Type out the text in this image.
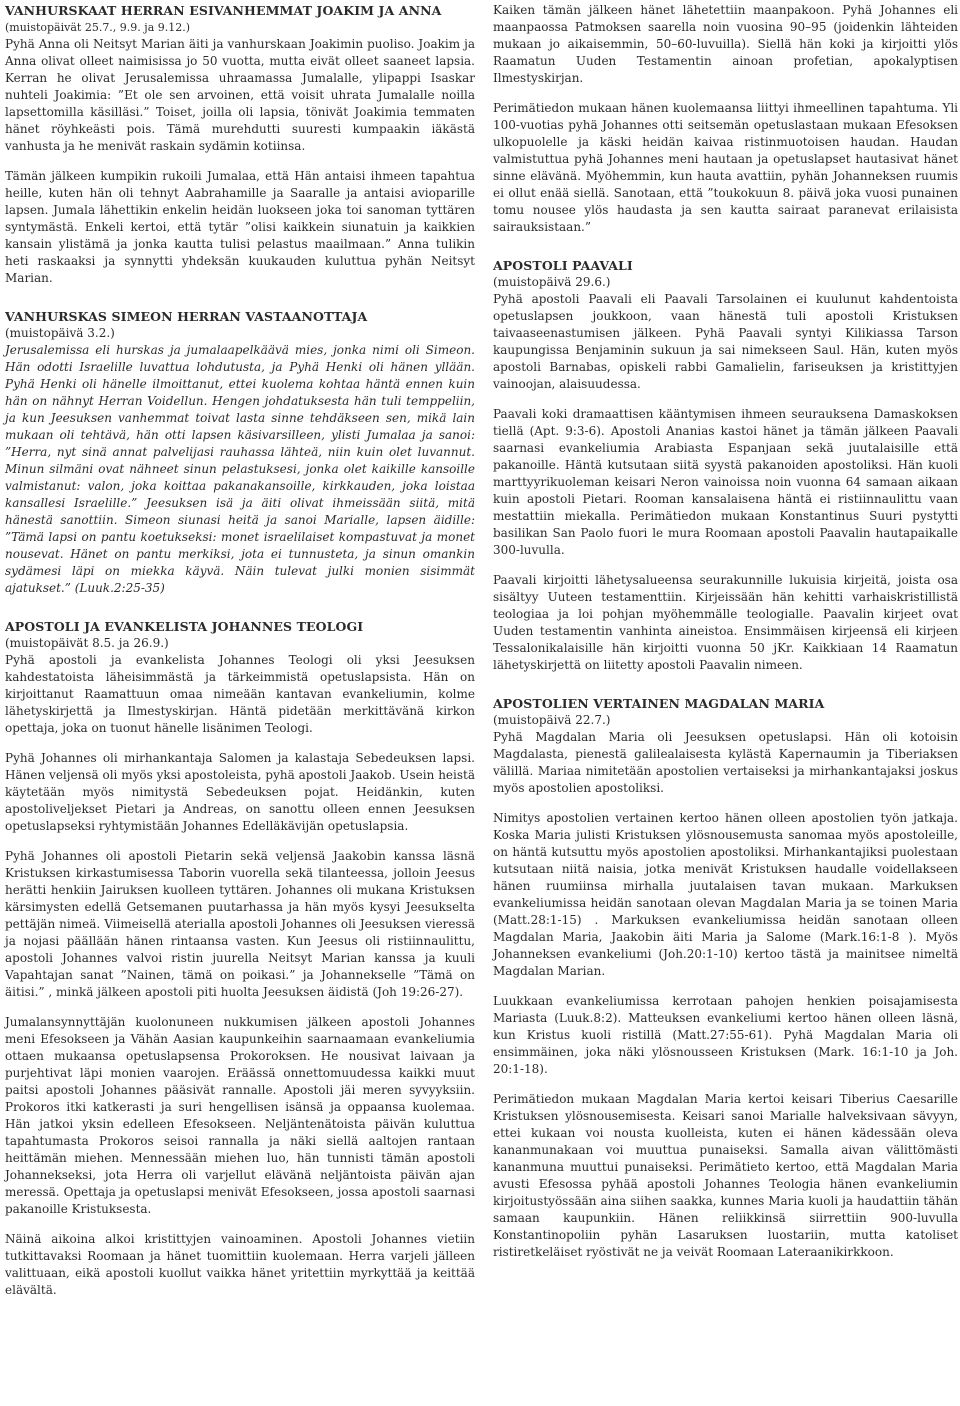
VANHURSKAAT HERRAN ESIVANHEMMAT JOAKIM JA ANNA
(muistopäivät 25.7., 9.9. ja 9.12.)

Pyhä Anna oli Neitsyt Marian äiti ja vanhurskaan Joakimin puoliso. Joakim ja Anna olivat olleet naimisissa jo 50 vuotta, mutta eivät olleet saaneet lapsia. Kerran he olivat Jerusalemissa uhraamassa Jumalalle, ylipappi Isaskar nuhteli Joakimia: ”Et ole sen arvoinen, että voisit uhrata Jumalalle noilla lapsettomilla käsilläsi.” Toiset, joilla oli lapsia, tönivät Joakimia temmaten hänet röyhkeästi pois. Tämä murehdutti suuresti kumpaakin iäkästä vanhusta ja he menivät raskain sydämin kotiinsa.

Tämän jälkeen kumpikin rukoili Jumalaa, että Hän antaisi ihmeen tapahtua heille, kuten hän oli tehnyt Aabrahamille ja Saaralle ja antaisi avioparille lapsen. Jumala lähettikin enkelin heidän luokseen joka toi sanoman tyttären syntymästä. Enkeli kertoi, että tytär ”olisi kaikkein siunatuin ja kaikkien kansain ylistämä ja jonka kautta tulisi pelastus maailmaan.” Anna tulikin heti raskaaksi ja synnytti yhdeksän kuukauden kuluttua pyhän Neitsyt Marian.

VANHURSKAS SIMEON HERRAN VASTAANOTTAJA
(muistopäivä 3.2.)

Jerusalemissa eli hurskas ja jumalaapelkäävä mies, jonka nimi oli Simeon. Hän odotti Israelille luvattua lohdutusta, ja Pyhä Henki oli hänen yllään. Pyhä Henki oli hänelle ilmoittanut, ettei kuolema kohtaa häntä ennen kuin hän on nähnyt Herran Voidellun. Hengen johdatuksesta hän tuli temppeliin, ja kun Jeesuksen vanhemmat toivat lasta sinne tehdäkseen sen, mikä lain mukaan oli tehtävä, hän otti lapsen käsivarsilleen, ylisti Jumalaa ja sanoi: ”Herra, nyt sinä annat palvelijasi rauhassa lähteä, niin kuin olet luvannut. Minun silmäni ovat nähneet sinun pelastuksesi, jonka olet kaikille kansoille valmistanut: valon, joka koittaa pakanakansoille, kirkkauden, joka loistaa kansallesi Israelille.” Jeesuksen isä ja äiti olivat ihmeissään siitä, mitä hänestä sanottiin. Simeon siunasi heitä ja sanoi Marialle, lapsen äidille: ”Tämä lapsi on pantu koetukseksi: monet israelilaiset kompastuvat ja monet nousevat. Hänet on pantu merkiksi, jota ei tunnusteta, ja sinun omankin sydämesi läpi on miekka käyvä. Näin tulevat julki monien sisimmät ajatukset.” (Luuk.2:25-35)

APOSTOLI JA EVANKELISTA JOHANNES TEOLOGI
(muistopäivät 8.5. ja 26.9.)

Pyhä apostoli ja evankelista Johannes Teologi oli yksi Jeesuksen kahdestatoista läheisimmästä ja tärkeimmistä opetuslapsista. Hän on kirjoittanut Raamattuun omaa nimeään kantavan evankeliumin, kolme lähetyskirjettä ja Ilmestyskirjan. Häntä pidetään merkittävänä kirkon opettaja, joka on tuonut hänelle lisänimen Teologi.

Pyhä Johannes oli mirhankantaja Salomen ja kalastaja Sebedeuksen lapsi. Hänen veljensä oli myös yksi apostoleista, pyhä apostoli Jaakob. Usein heistä käytetään myös nimitystä Sebedeuksen pojat. Heidänkin, kuten apostoliveljekset Pietari ja Andreas, on sanottu olleen ennen Jeesuksen opetuslapseksi ryhtymistään Johannes Edelläkävijän opetuslapsia.

Pyhä Johannes oli apostoli Pietarin sekä veljensä Jaakobin kanssa läsnä Kristuksen kirkastumisessa Taborin vuorella sekä tilanteessa, jolloin Jeesus herätti henkiin Jairuksen kuolleen tyttären. Johannes oli mukana Kristuksen kärsimysten edellä Getsemanen puutarhassa ja hän myös kysyi Jeesukselta pettäjän nimeä. Viimeisellä aterialla apostoli Johannes oli Jeesuksen vieressä ja nojasi päällään hänen rintaansa vasten. Kun Jeesus oli ristiinnaulittu, apostoli Johannes valvoi ristin juurella Neitsyt Marian kanssa ja kuuli Vapahtajan sanat ”Nainen, tämä on poikasi.” ja Johannekselle ”Tämä on äitisi.” , minkä jälkeen apostoli piti huolta Jeesuksen äidistä (Joh 19:26-27).

Jumalansynnyttäjän kuolonuneen nukkumisen jälkeen apostoli Johannes meni Efesokseen ja Vähän Aasian kaupunkeihin saarnaamaan evankeliumia ottaen mukaansa opetuslapsensa Prokoroksen. He nousivat laivaan ja purjehtivat läpi monien vaarojen. Eräässä onnettomuudessa kaikki muut paitsi apostoli Johannes pääsivät rannalle. Apostoli jäi meren syvyyksiin. Prokoros itki katkerasti ja suri hengellisen isänsä ja oppaansa kuolemaa. Hän jatkoi yksin edelleen Efesokseen. Neljäntenätoista päivän kuluttua tapahtumasta Prokoros seisoi rannalla ja näki siellä aaltojen rantaan heittämän miehen. Mennessään miehen luo, hän tunnisti tämän apostoli Johannekseksi, jota Herra oli varjellut elävänä neljäntoista päivän ajan meressä. Opettaja ja opetuslapsi menivät Efesokseen, jossa apostoli saarnasi pakanoille Kristuksesta.

Näinä aikoina alkoi kristittyjen vainoaminen. Apostoli Johannes vietiin tutkittavaksi Roomaan ja hänet tuomittiin kuolemaan. Herra varjeli jälleen valittuaan, eikä apostoli kuollut vaikka hänet yritettiin myrkyttää ja keittää elävältä.

Kaiken tämän jälkeen hänet lähetettiin maanpakoon. Pyhä Johannes eli maanpaossa Patmoksen saarella noin vuosina 90–95 (joidenkin lähteiden mukaan jo aikaisemmin, 50–60-luvuilla). Siellä hän koki ja kirjoitti ylös Raamatun Uuden Testamentin ainoan profetian, apokalyptisen Ilmestyskirjan.

Perimätiedon mukaan hänen kuolemaansa liittyi ihmeellinen tapahtuma. Yli 100-vuotias pyhä Johannes otti seitsemän opetuslastaan mukaan Efesoksen ulkopuolelle ja käski heidän kaivaa ristinmuotoisen haudan. Haudan valmistuttua pyhä Johannes meni hautaan ja opetuslapset hautasivat hänet sinne elävänä. Myöhemmin, kun hauta avattiin, pyhän Johanneksen ruumis ei ollut enää siellä. Sanotaan, että ”toukokuun 8. päivä joka vuosi punainen tomu nousee ylös haudasta ja sen kautta sairaat paranevat erilaisista sairauksistaan.”

APOSTOLI PAAVALI
(muistopäivä 29.6.)

Pyhä apostoli Paavali eli Paavali Tarsolainen ei kuulunut kahdentoista opetuslapsen joukkoon, vaan hänestä tuli apostoli Kristuksen taivaaseenastumisen jälkeen. Pyhä Paavali syntyi Kilikiassa Tarson kaupungissa Benjaminin sukuun ja sai nimekseen Saul. Hän, kuten myös apostoli Barnabas, opiskeli rabbi Gamalielin, fariseuksen ja kristittyjen vainoojan, alaisuudessa.

Paavali koki dramaattisen kääntymisen ihmeen seurauksena Damaskoksen tiellä (Apt. 9:3-6). Apostoli Ananias kastoi hänet ja tämän jälkeen Paavali saarnasi evankeliumia Arabiasta Espanjaan sekä juutalaisille että pakanoille. Häntä kutsutaan siitä syystä pakanoiden apostoliksi. Hän kuoli marttyyrikuoleman keisari Neron vainoissa noin vuonna 64 samaan aikaan kuin apostoli Pietari. Rooman kansalaisena häntä ei ristiinnaulittu vaan mestattiin miekalla. Perimätiedon mukaan Konstantinus Suuri pystytti basilikan San Paolo fuori le mura Roomaan apostoli Paavalin hautapaikalle 300-luvulla.

Paavali kirjoitti lähetysalueensa seurakunnille lukuisia kirjeitä, joista osa sisältyy Uuteen testamenttiin. Kirjeissään hän kehitti varhaiskristillistä teologiaa ja loi pohjan myöhemmälle teologialle. Paavalin kirjeet ovat Uuden testamentin vanhinta aineistoa. Ensimmäisen kirjeensä eli kirjeen Tessalonikalaisille hän kirjoitti vuonna 50 jKr. Kaikkiaan 14 Raamatun lähetyskirjettä on liitetty apostoli Paavalin nimeen.

APOSTOLIEN VERTAINEN MAGDALAN MARIA
(muistopäivä 22.7.)

Pyhä Magdalan Maria oli Jeesuksen opetuslapsi. Hän oli kotoisin Magdalasta, pienestä galilealaisesta kylästä Kapernaumin ja Tiberiaksen välillä. Mariaa nimitetään apostolien vertaiseksi ja mirhankantajaksi joskus myös apostolien apostoliksi.

Nimitys apostolien vertainen kertoo hänen olleen apostolien työn jatkaja. Koska Maria julisti Kristuksen ylösnousemusta sanomaa myös apostoleille, on häntä kutsuttu myös apostolien apostoliksi. Mirhankantajiksi puolestaan kutsutaan niitä naisia, jotka menivät Kristuksen haudalle voidellakseen hänen ruumiinsa mirhalla juutalaisen tavan mukaan. Markuksen evankeliumissa heidän sanotaan olevan Magdalan Maria ja se toinen Maria (Matt.28:1-15) . Markuksen evankeliumissa heidän sanotaan olleen Magdalan Maria, Jaakobin äiti Maria ja Salome (Mark.16:1-8 ). Myös Johanneksen evankeliumi (Joh.20:1-10) kertoo tästä ja mainitsee nimeltä Magdalan Marian.

Luukkaan evankeliumissa kerrotaan pahojen henkien poisajamisesta Mariasta (Luuk.8:2). Matteuksen evankeliumi kertoo hänen olleen läsnä, kun Kristus kuoli ristillä (Matt.27:55-61). Pyhä Magdalan Maria oli ensimmäinen, joka näki ylösnousseen Kristuksen (Mark. 16:1-10 ja Joh. 20:1-18).

Perimätiedon mukaan Magdalan Maria kertoi keisari Tiberius Caesarille Kristuksen ylösnousemisesta. Keisari sanoi Marialle halveksivaan sävyyn, ettei kukaan voi nousta kuolleista, kuten ei hänen kädessään oleva kananmunakaan voi muuttua punaiseksi. Samalla aivan välittömästi kananmuna muuttui punaiseksi. Perimätieto kertoo, että Magdalan Maria avusti Efesossa pyhää apostoli Johannes Teologia hänen evankeliumin kirjoitustyössään aina siihen saakka, kunnes Maria kuoli ja haudattiin tähän samaan kaupunkiin. Hänen reliikkinsä siirrettiin 900-luvulla Konstantinopoliin pyhän Lasaruksen luostariin, mutta katoliset ristiretkeläiset ryöstivät ne ja veivät Roomaan Lateraanikirkkoon.
